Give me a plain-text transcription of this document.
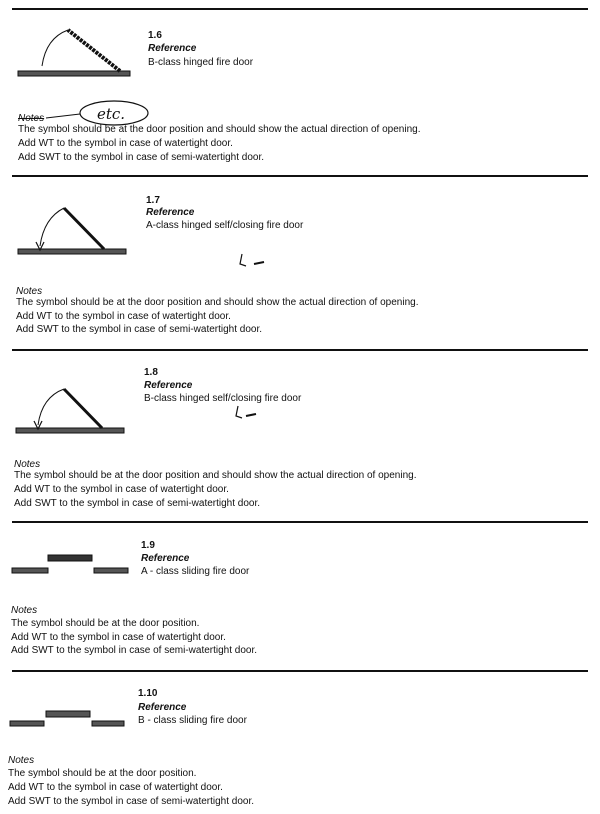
1.6
Reference
B-class hinged fire door
Notes
The symbol should be at the door position and should show the actual direction of opening.
Add WT to the symbol in case of watertight door.
Add SWT to the symbol in case of semi-watertight door.
1.7
Reference
A-class hinged self/closing fire door
Notes
The symbol should be at the door position and should show the actual direction of opening.
Add WT to the symbol in case of watertight door.
Add SWT to the symbol in case of semi-watertight door.
1.8
Reference
B-class hinged self/closing fire door
Notes
The symbol should be at the door position and should show the actual direction of opening.
Add WT to the symbol in case of watertight door.
Add SWT to the symbol in case of semi-watertight door.
1.9
Reference
A - class sliding fire door
Notes
The symbol should be at the door position.
Add WT to the symbol in case of watertight door.
Add SWT to the symbol in case of semi-watertight door.
1.10
Reference
B - class sliding fire door
Notes
The symbol should be at the door position.
Add WT to the symbol in case of watertight door.
Add SWT to the symbol in case of semi-watertight door.
etc.
